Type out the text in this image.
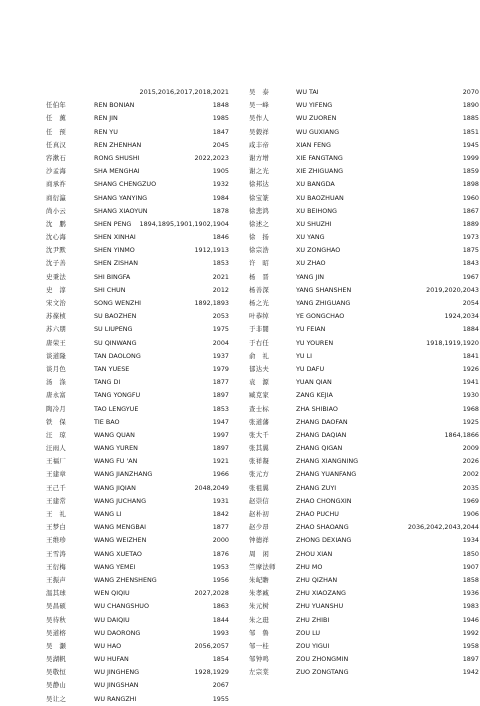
2015,2016,2017,2018,2021
任伯年	REN BONIAN	1848
任　薰	REN JIN	1985
任　预	REN YU	1847
任真汉	REN ZHENHAN	2045
容漱石	RONG SHUSHI	2022,2023
沙孟海	SHA MENGHAI	1905
商承祚	SHANG CHENGZUO	1932
商衍瀛	SHANG YANYING	1984
尚小云	SHANG XIAOYUN	1878
沈　鹏	SHEN PENG	1894,1895,1901,1902,1904
沈心海	SHEN XINHAI	1846
沈尹默	SHEN YINMO	1912,1913
沈子善	SHEN ZISHAN	1853
史秉法	SHI BINGFA	2021
史　淳	SHI CHUN	2012
宋文治	SONG WENZHI	1892,1893
苏葆桢	SU BAOZHEN	2053
苏六朋	SU LIUPENG	1975
唐荣王	SU QINWANG	2004
谈道隆	TAN DAOLONG	1937
谈月色	TAN YUESE	1979
汤　涤	TANG DI	1877
唐永富	TANG YONGFU	1897
陶冷月	TAO LENGYUE	1853
铁　保	TIE BAO	1947
汪　琼	WANG QUAN	1997
汪雨人	WANG YUREN	1897
王福厂	WANG FU 'AN	1921
王建章	WANG JIANZHANG	1966
王己千	WANG JIQIAN	2048,2049
王建常	WANG JUCHANG	1931
王　礼	WANG LI	1842
王梦白	WANG MENGBAI	1877
王维珍	WANG WEIZHEN	2000
王雪涛	WANG XUETAO	1876
王衍梅	WANG YEMEI	1953
王振声	WANG ZHENSHENG	1956
温其球	WEN QIQIU	2027,2028
吴昌硕	WU CHANGSHUO	1863
吴待秋	WU DAIQIU	1844
吴道榕	WU DAORONG	1993
吴　灏	WU HAO	2056,2057
吴湖帆	WU HUFAN	1854
吴敬恒	WU JINGHENG	1928,1929
吴静山	WU JINGSHAN	2067
吴让之	WU RANGZHI	1955
吴　泰	WU TAI	2070
吴一峰	WU YIFENG	1890
吴作人	WU ZUOREN	1885
吴榖祥	WU GUXIANG	1851
咸丰帝	XIAN FENG	1945
谢方增	XIE FANGTANG	1999
谢之光	XIE ZHIGUANG	1859
徐邦达	XU BANGDA	1898
徐宝篆	XU BAOZHUAN	1960
徐悲鸿	XU BEIHONG	1867
徐述之	XU SHUZHI	1889
徐　扬	XU YANG	1973
徐宗浩	XU ZONGHAO	1875
许　昭	XU ZHAO	1843
杨　晋	YANG JIN	1967
杨善深	YANG SHANSHEN	2019,2020,2043
杨之光	YANG ZHIGUANG	2054
叶恭绰	YE GONGCHAO	1924,2034
于非闇	YU FEIAN	1884
于右任	YU YOUREN	1918,1919,1920
俞　礼	YU LI	1841
郁达夫	YU DAFU	1926
袁　源	YUAN QIAN	1941
臧克家	ZANG KEJIA	1930
查士标	ZHA SHIBIAO	1968
张道藩	ZHANG DAOFAN	1925
张大千	ZHANG DAQIAN	1864,1866
张其翼	ZHANG QIGAN	2009
张祥凝	ZHANG XIANGNING	2026
张元方	ZHANG YUANFANG	2002
张祖翼	ZHANG ZUYI	2035
赵崇信	ZHAO CHONGXIN	1969
赵朴初	ZHAO PUCHU	1906
赵少昂	ZHAO SHAOANG	2036,2042,2043,2044
钟德祥	ZHONG DEXIANG	1934
周　闲	ZHOU XIAN	1850
竺摩法师	ZHU MO	1907
朱屺瞻	ZHU QIZHAN	1858
朱孝臧	ZHU XIAOZANG	1936
朱元树	ZHU YUANSHU	1983
朱之珽	ZHU ZHIBI	1946
邹　鲁	ZOU LU	1992
邹一桂	ZOU YIGUI	1958
邹钟鸣	ZOU ZHONGMIN	1897
左宗棠	ZUO ZONGTANG	1942
